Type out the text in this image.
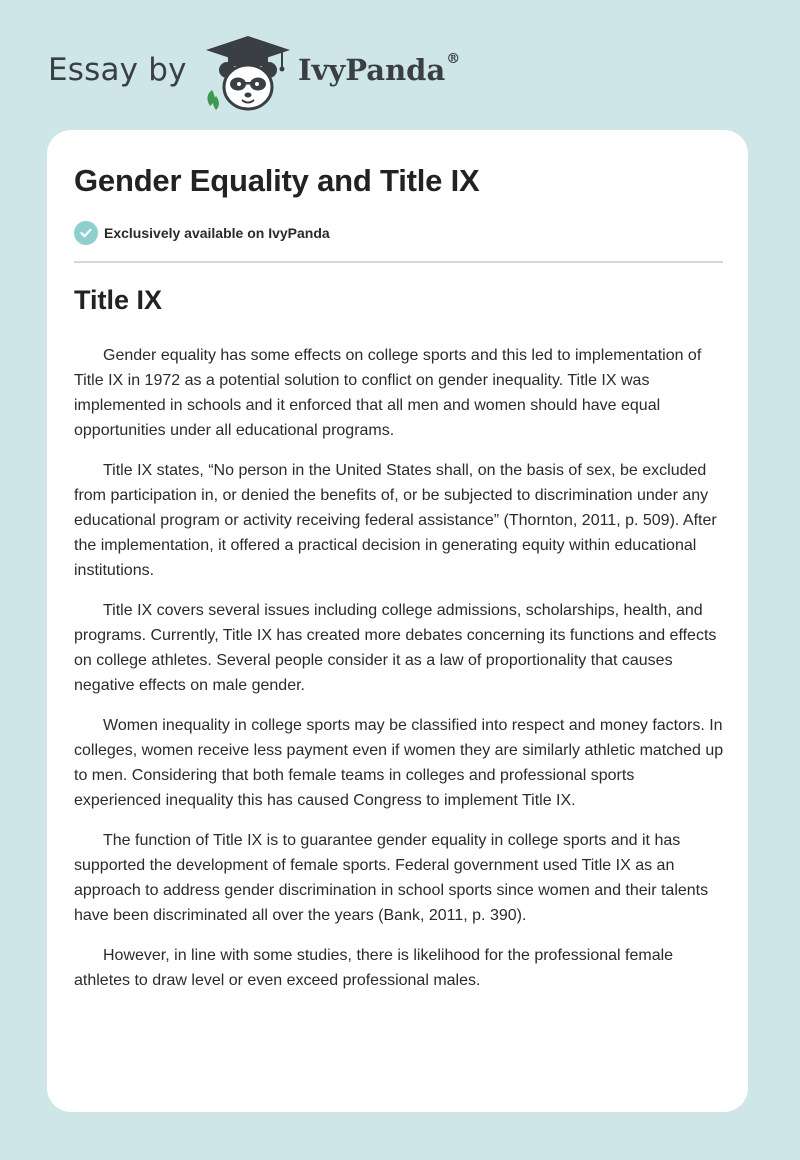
Essay by	IvyPanda®
Gender Equality and Title IX
Exclusively available on IvyPanda
Title IX

Gender equality has some effects on college sports and this led to implementation of Title IX in 1972 as a potential solution to conflict on gender inequality. Title IX was implemented in schools and it enforced that all men and women should have equal opportunities under all educational programs.

Title IX states, “No person in the United States shall, on the basis of sex, be excluded from participation in, or denied the benefits of, or be subjected to discrimination under any educational program or activity receiving federal assistance” (Thornton, 2011, p. 509). After the implementation, it offered a practical decision in generating equity within educational institutions.

Title IX covers several issues including college admissions, scholarships, health, and programs. Currently, Title IX has created more debates concerning its functions and effects on college athletes. Several people consider it as a law of proportionality that causes negative effects on male gender.

Women inequality in college sports may be classified into respect and money factors. In colleges, women receive less payment even if women they are similarly athletic matched up to men. Considering that both female teams in colleges and professional sports experienced inequality this has caused Congress to implement Title IX.

The function of Title IX is to guarantee gender equality in college sports and it has supported the development of female sports. Federal government used Title IX as an approach to address gender discrimination in school sports since women and their talents have been discriminated all over the years (Bank, 2011, p. 390).

However, in line with some studies, there is likelihood for the professional female athletes to draw level or even exceed professional males.
